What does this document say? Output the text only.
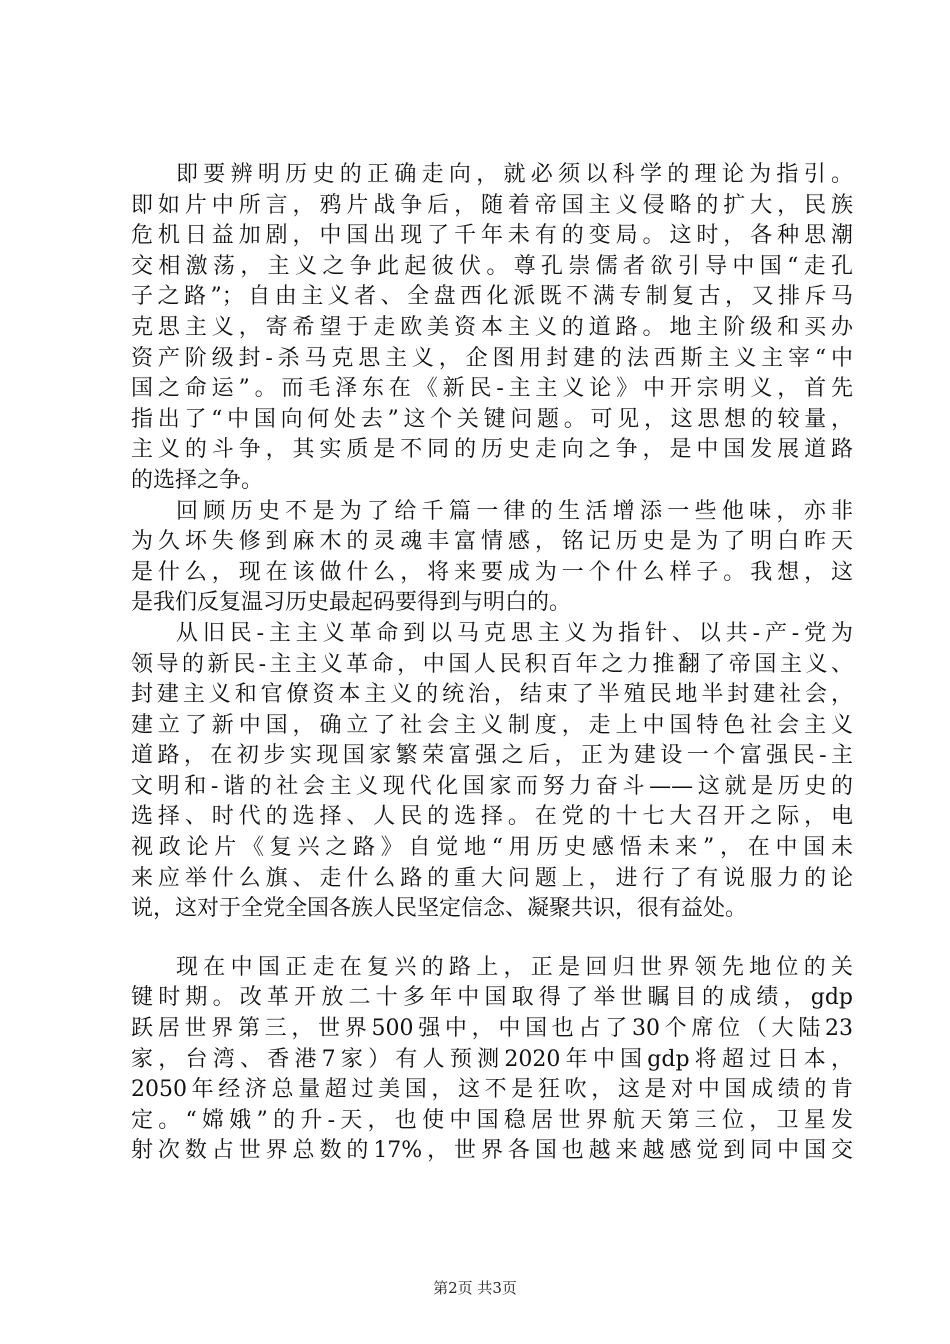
即要辨明历史的正确走向，就必须以科学的理论为指引。
即如片中所言，鸦片战争后，随着帝国主义侵略的扩大，民族
危机日益加剧，中国出现了千年未有的变局。这时，各种思潮
交相激荡，主义之争此起彼伏。尊孔崇儒者欲引导中国“走孔
子之路”；自由主义者、全盘西化派既不满专制复古，又排斥马
克思主义，寄希望于走欧美资本主义的道路。地主阶级和买办
资产阶级封-杀马克思主义，企图用封建的法西斯主义主宰“中
国之命运”。而毛泽东在《新民-主主义论》中开宗明义，首先
指出了“中国向何处去”这个关键问题。可见，这思想的较量，
主义的斗争，其实质是不同的历史走向之争，是中国发展道路
的选择之争。
回顾历史不是为了给千篇一律的生活增添一些他味，亦非
为久坏失修到麻木的灵魂丰富情感，铭记历史是为了明白昨天
是什么，现在该做什么，将来要成为一个什么样子。我想，这
是我们反复温习历史最起码要得到与明白的。
从旧民-主主义革命到以马克思主义为指针、以共-产-党为
领导的新民-主主义革命，中国人民积百年之力推翻了帝国主义、
封建主义和官僚资本主义的统治，结束了半殖民地半封建社会，
建立了新中国，确立了社会主义制度，走上中国特色社会主义
道路，在初步实现国家繁荣富强之后，正为建设一个富强民-主
文明和-谐的社会主义现代化国家而努力奋斗——这就是历史的
选择、时代的选择、人民的选择。在党的十七大召开之际，电
视政论片《复兴之路》自觉地“用历史感悟未来”，在中国未
来应举什么旗、走什么路的重大问题上，进行了有说服力的论
说，这对于全党全国各族人民坚定信念、凝聚共识，很有益处。
现在中国正走在复兴的路上，正是回归世界领先地位的关
键时期。改革开放二十多年中国取得了举世瞩目的成绩，gdp
跃居世界第三，世界500强中，中国也占了30个席位（大陆23
家，台湾、香港7家）有人预测2020年中国gdp将超过日本，
2050年经济总量超过美国，这不是狂吹，这是对中国成绩的肯
定。“嫦娥”的升-天，也使中国稳居世界航天第三位，卫星发
射次数占世界总数的17%，世界各国也越来越感觉到同中国交
第2页 共3页
